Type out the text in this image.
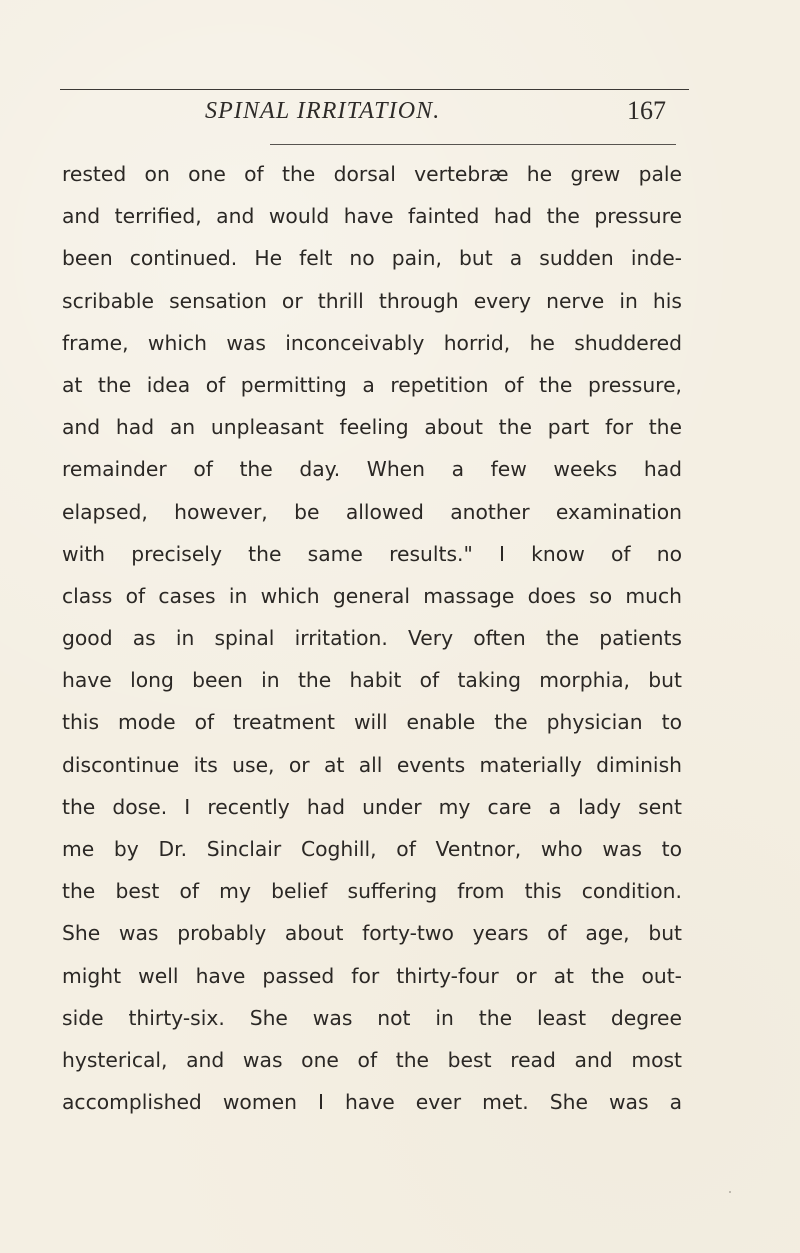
SPINAL IRRITATION.	167
rested on one of the dorsal vertebræ he grew pale
and terrified, and would have fainted had the pressure
been continued. He felt no pain, but a sudden inde-
scribable sensation or thrill through every nerve in his
frame, which was inconceivably horrid, he shuddered
at the idea of permitting a repetition of the pressure,
and had an unpleasant feeling about the part for the
remainder of the day. When a few weeks had
elapsed, however, be allowed another examination
with precisely the same results." I know of no
class of cases in which general massage does so much
good as in spinal irritation. Very often the patients
have long been in the habit of taking morphia, but
this mode of treatment will enable the physician to
discontinue its use, or at all events materially diminish
the dose. I recently had under my care a lady sent
me by Dr. Sinclair Coghill, of Ventnor, who was to
the best of my belief suffering from this condition.
She was probably about forty-two years of age, but
might well have passed for thirty-four or at the out-
side thirty-six. She was not in the least degree
hysterical, and was one of the best read and most
accomplished women I have ever met. She was a
